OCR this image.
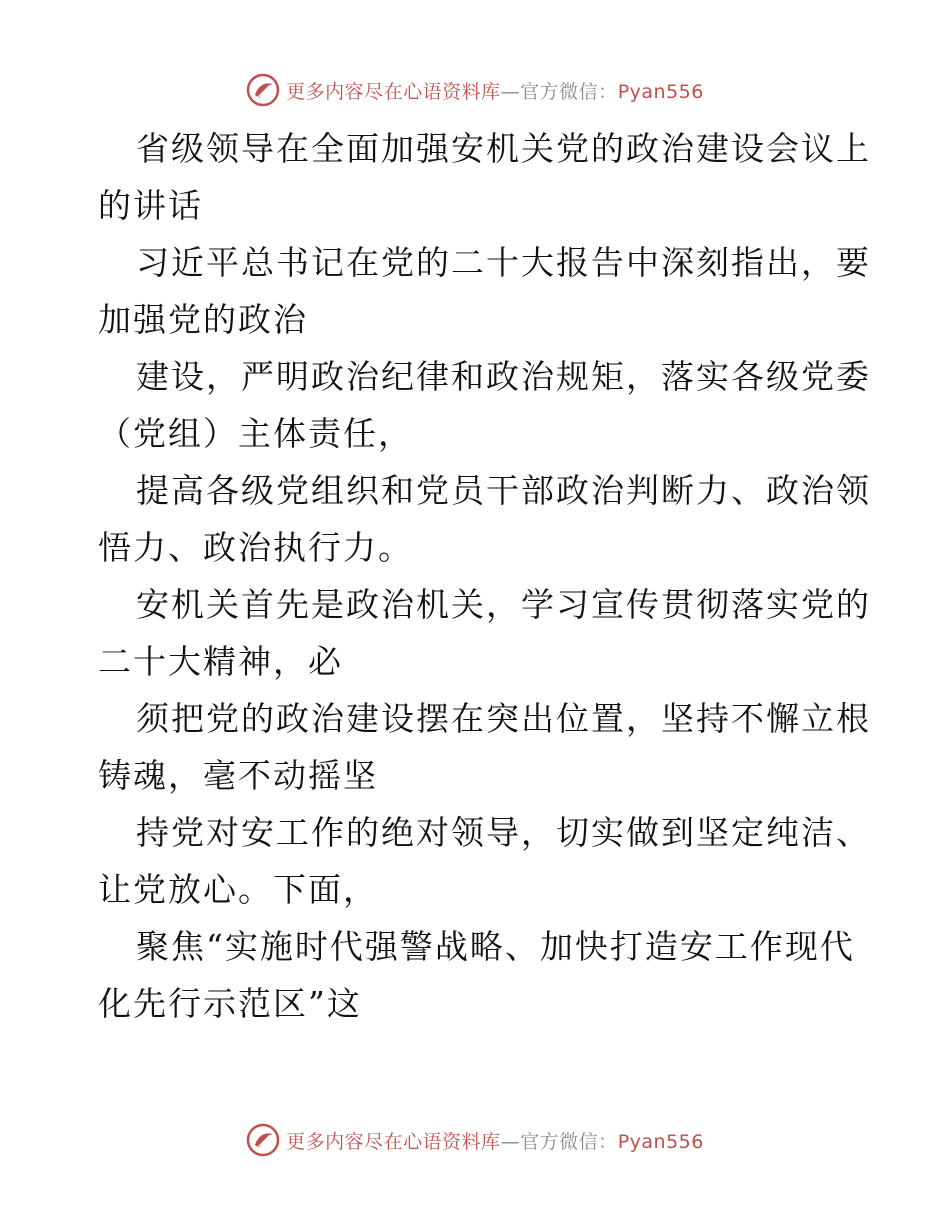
更多内容尽在心语资料库—官方微信：Pyan556

省级领导在全面加强安机关党的政治建设会议上
的讲话

习近平总书记在党的二十大报告中深刻指出，要
加强党的政治

建设，严明政治纪律和政治规矩，落实各级党委
（党组）主体责任，

提高各级党组织和党员干部政治判断力、政治领
悟力、政治执行力。

安机关首先是政治机关，学习宣传贯彻落实党的
二十大精神，必

须把党的政治建设摆在突出位置，坚持不懈立根
铸魂，毫不动摇坚

持党对安工作的绝对领导，切实做到坚定纯洁、
让党放心。下面，

聚焦“实施时代强警战略、加快打造安工作现代
化先行示范区”这

更多内容尽在心语资料库—官方微信：Pyan556
